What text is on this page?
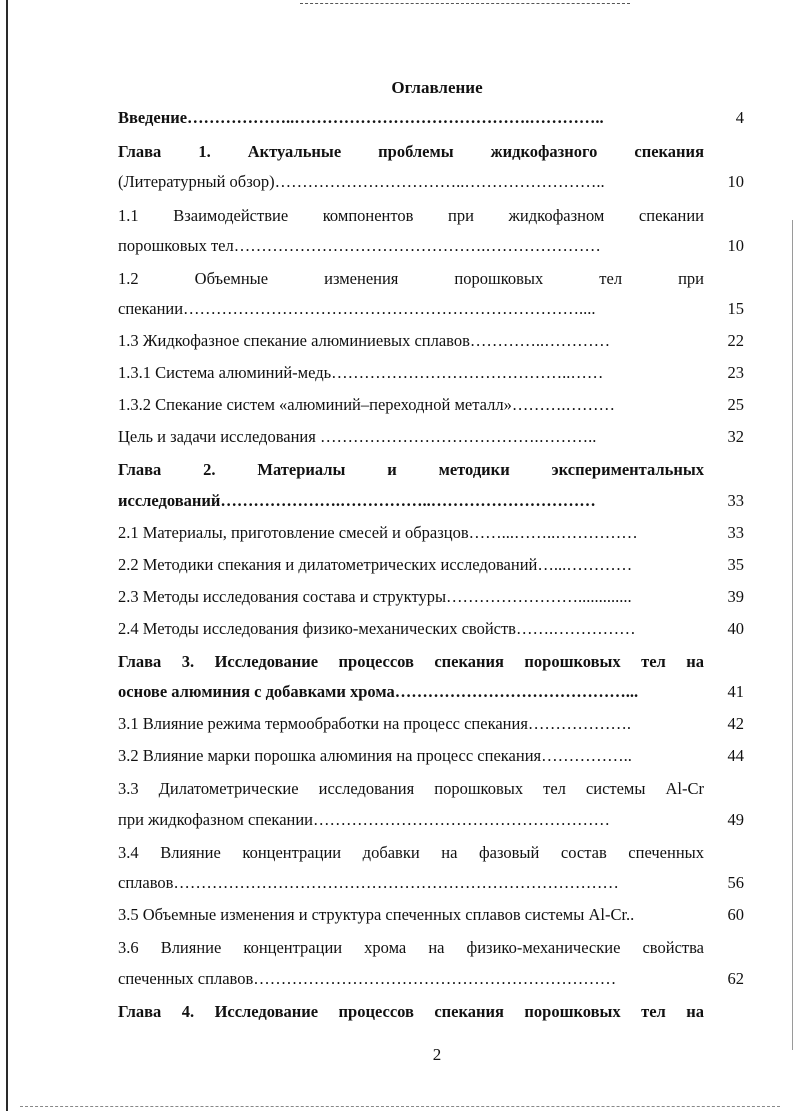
Оглавление
Введение………………..…………………………………….…………..	4
Глава 1. Актуальные проблемы жидкофазного спекания
(Литературный обзор)……………………………..……………………..	10
1.1 Взаимодействие компонентов при жидкофазном спекании
порошковых тел……………………………………….…………………	10
1.2 Объемные изменения порошковых тел при
спекании………………………………………………………………....	15
1.3 Жидкофазное спекание алюминиевых сплавов…………..…………	22
1.3.1 Система алюминий-медь……………………………………..……	23
1.3.2 Спекание систем «алюминий–переходной металл»……….………	25
Цель и задачи исследования ………………………………….………..	32
Глава 2. Материалы и методики экспериментальных
исследований………………….……………..…………………………	33
2.1 Материалы, приготовление смесей и образцов……...……..……………	33
2.2 Методики спекания и дилатометрических исследований…...…………	35
2.3 Методы исследования состава и структуры…………………….............	39
2.4 Методы исследования физико-механических свойств…….……………	40
Глава 3. Исследование процессов спекания порошковых тел на
основе алюминия с добавками хрома……………………………………...	41
3.1 Влияние режима термообработки на процесс спекания……………….	42
3.2 Влияние марки порошка алюминия на процесс спекания……………..	44
3.3 Дилатометрические исследования порошковых тел системы Al-Cr
при жидкофазном спекании………………………………………………	49
3.4 Влияние концентрации добавки на фазовый состав спеченных
сплавов………………………………………………………………………	56
3.5 Объемные изменения и структура спеченных сплавов системы Al-Cr..	60
3.6 Влияние концентрации хрома на физико-механические свойства
спеченных сплавов…………………………………………………………	62
Глава 4. Исследование процессов спекания порошковых тел на
2
